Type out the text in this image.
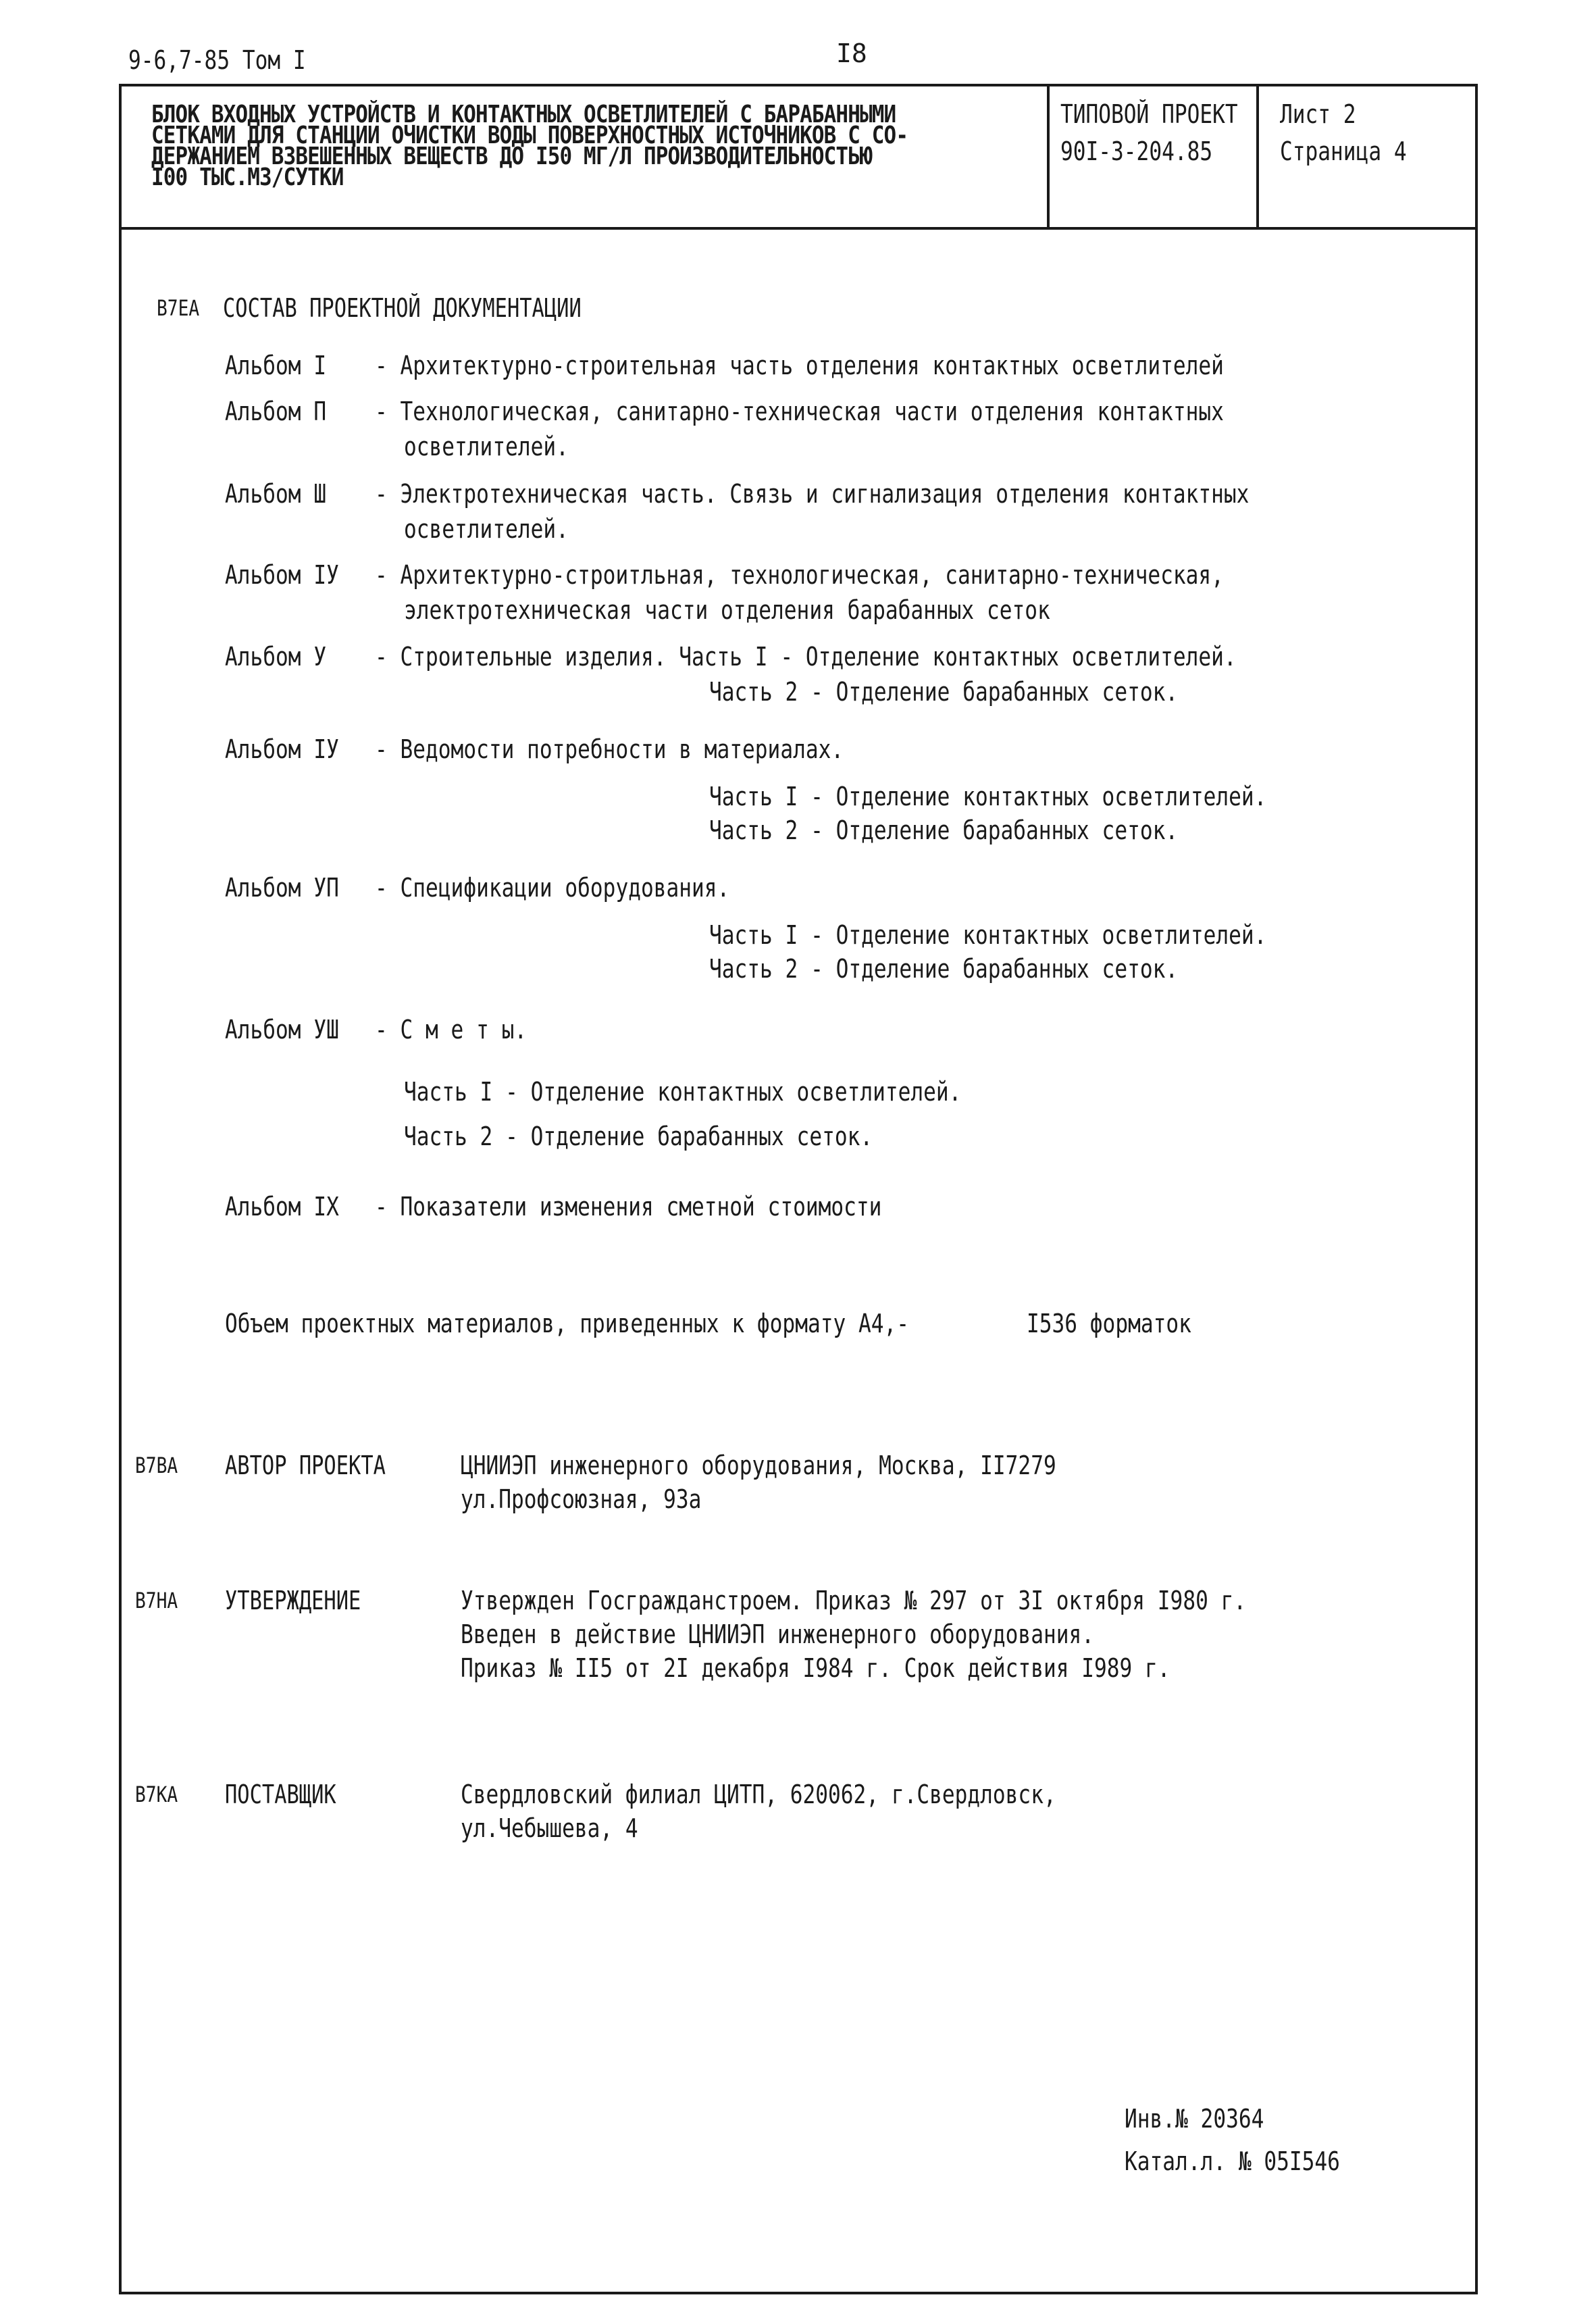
9-6,7-85 Том I	I8
БЛОК ВХОДНЫХ УСТРОЙСТВ И КОНТАКТНЫХ ОСВЕТЛИТЕЛЕЙ С БАРАБАННЫМИ
СЕТКАМИ ДЛЯ СТАНЦИИ ОЧИСТКИ ВОДЫ ПОВЕРХНОСТНЫХ ИСТОЧНИКОВ С СО-
ДЕРЖАНИЕМ ВЗВЕШЕННЫХ ВЕЩЕСТВ ДО I50 МГ/Л ПРОИЗВОДИТЕЛЬНОСТЬЮ
I00 ТЫС.М3/СУТКИ
ТИПОВОЙ ПРОЕКТ
90I-3-204.85
Лист 2
Страница 4
B7EA СОСТАВ ПРОЕКТНОЙ ДОКУМЕНТАЦИИ
Альбом I	- Архитектурно-строительная часть отделения контактных осветлителей
Альбом П	- Технологическая, санитарно-техническая части отделения контактных
осветлителей.
Альбом Ш	- Электротехническая часть. Связь и сигнализация отделения контактных
осветлителей.
Альбом IУ	- Архитектурно-строитльная, технологическая, санитарно-техническая,
электротехническая части отделения барабанных сеток
Альбом У	- Строительные изделия. Часть I - Отделение контактных осветлителей.
Часть 2 - Отделение барабанных сеток.
Альбом IУ	- Ведомости потребности в материалах.
Часть I - Отделение контактных осветлителей.
Часть 2 - Отделение барабанных сеток.
Альбом УП	- Спецификации оборудования.
Часть I - Отделение контактных осветлителей.
Часть 2 - Отделение барабанных сеток.
Альбом УШ	- С м е т ы.
Часть I - Отделение контактных осветлителей.
Часть 2 - Отделение барабанных сеток.
Альбом IX	- Показатели изменения сметной стоимости
Объем проектных материалов, приведенных к формату А4,-	I536 форматок
B7BA	АВТОР ПРОЕКТА	ЦНИИЭП инженерного оборудования, Москва, II7279
ул.Профсоюзная, 93а
B7HA	УТВЕРЖДЕНИЕ	Утвержден Госгражданстроем. Приказ № 297 от 3I октября I980 г.
Введен в действие ЦНИИЭП инженерного оборудования.
Приказ № II5 от 2I декабря I984 г. Срок действия I989 г.
B7KA	ПОСТАВЩИК	Свердловский филиал ЦИТП, 620062, г.Свердловск,
ул.Чебышева, 4
Инв.№ 20364
Катал.л. № 05I546
